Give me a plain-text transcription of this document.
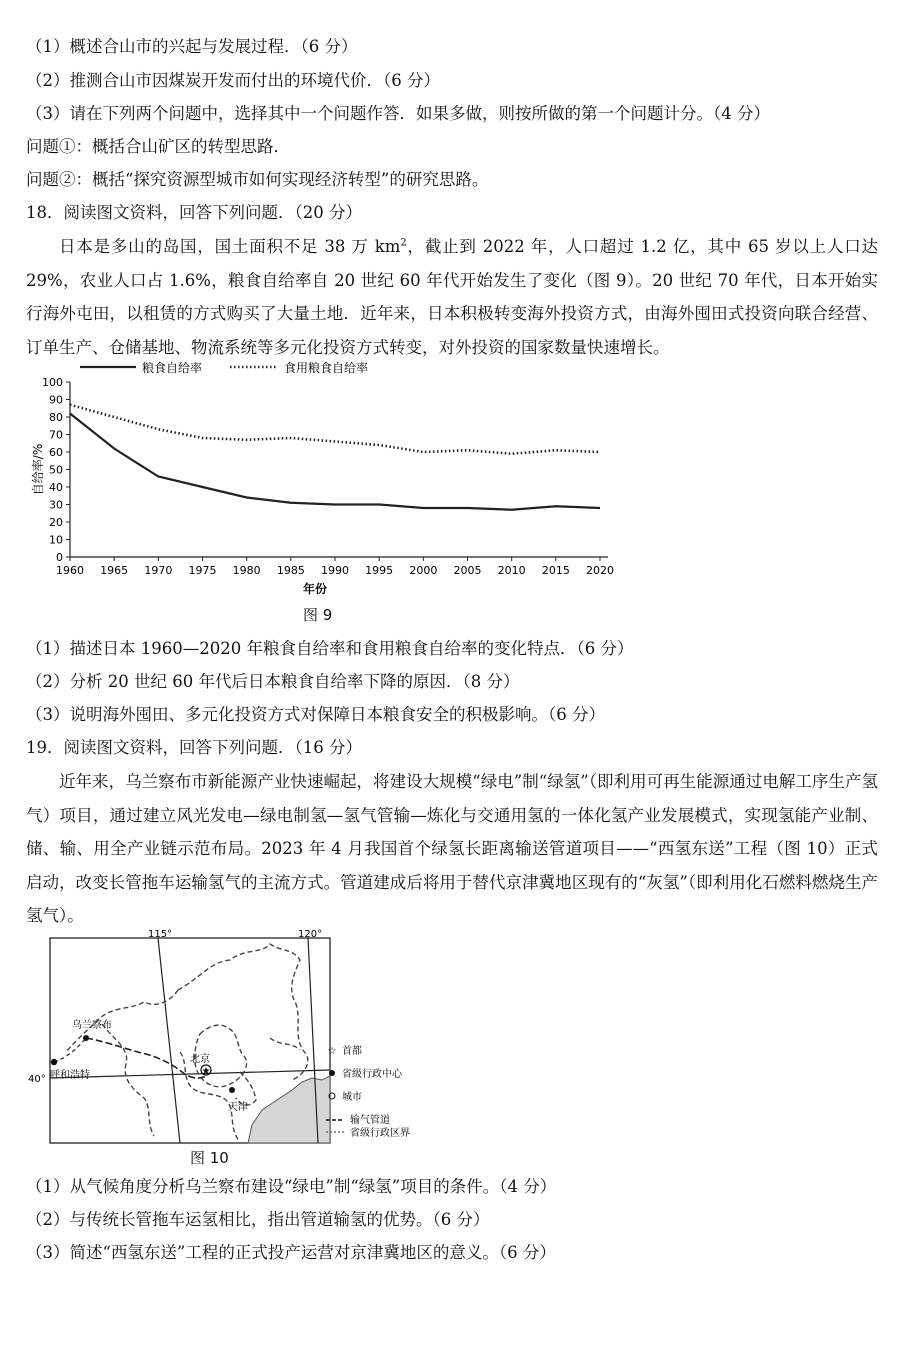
（1）概述合山市的兴起与发展过程．（6 分）
（2）推测合山市因煤炭开发而付出的环境代价．（6 分）
（3）请在下列两个问题中，选择其中一个问题作答．如果多做，则按所做的第一个问题计分。（4 分）
问题①：概括合山矿区的转型思路．
问题②：概括“探究资源型城市如何实现经济转型”的研究思路。
18．阅读图文资料，回答下列问题．（20 分）
日本是多山的岛国，国土面积不足 38 万 $km^2$，截止到 2022 年，人口超过 1.2 亿，其中 65 岁以上人口达 29%，农业人口占 1.6%，粮食自给率自 20 世纪 60 年代开始发生了变化（图 9）。20 世纪 70 年代，日本开始实行海外屯田，以租赁的方式购买了大量土地．近年来，日本积极转变海外投资方式，由海外囤田式投资向联合经营、订单生产、仓储基地、物流系统等多元化投资方式转变，对外投资的国家数量快速增长。
0
10
20
30
40
50
60
70
80
90
100
1960 1965 1970 1975 1980 1985 1990 1995 2000 2005 2010 2015 2020
自给率/%
年份
粮食自给率	食用粮食自给率
图 9
（1）描述日本 1960—2020 年粮食自给率和食用粮食自给率的变化特点．（6 分）
（2）分析 20 世纪 60 年代后日本粮食自给率下降的原因．（8 分）
（3）说明海外囤田、多元化投资方式对保障日本粮食安全的积极影响。（6 分）
19．阅读图文资料，回答下列问题．（16 分）
近年来，乌兰察布市新能源产业快速崛起，将建设大规模“绿电”制“绿氢”（即利用可再生能源通过电解工序生产氢气）项目，通过建立风光发电—绿电制氢—氢气管输—炼化与交通用氢的一体化氢产业发展模式，实现氢能产业制、储、输、用全产业链示范布局。2023 年 4 月我国首个绿氢长距离输送管道项目——“西氢东送”工程（图 10）正式启动，改变长管拖车运输氢气的主流方式。管道建成后将用于替代京津冀地区现有的“灰氢”（即利用化石燃料燃烧生产氢气）。
★
115°	120°
40°
乌兰察布
呼和浩特
北京
天津
☆ 首都
省级行政中心
城市
输气管道
省级行政区界
图 10
（1）从气候角度分析乌兰察布建设“绿电”制“绿氢”项目的条件。（4 分）
（2）与传统长管拖车运氢相比，指出管道输氢的优势。（6 分）
（3）简述“西氢东送”工程的正式投产运营对京津冀地区的意义。（6 分）
